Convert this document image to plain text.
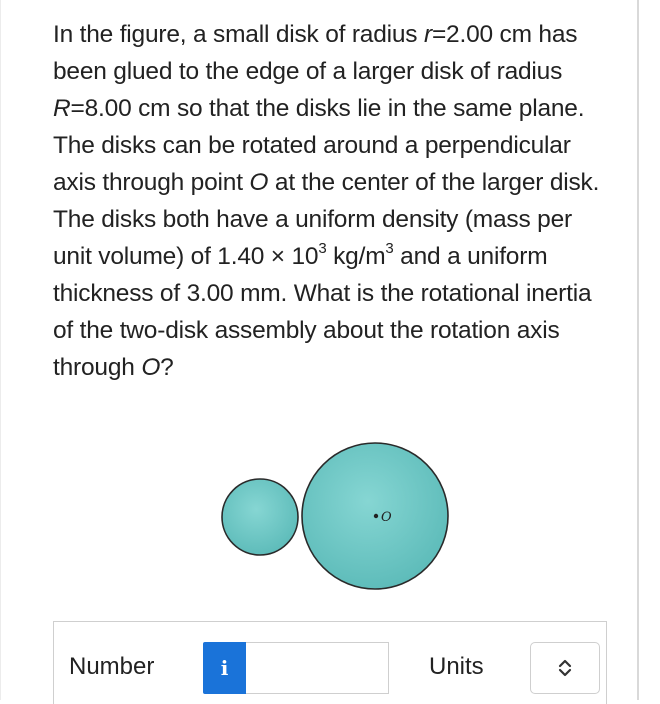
In the figure, a small disk of radius r=2.00 cm has been glued to the edge of a larger disk of radius R=8.00 cm so that the disks lie in the same plane. The disks can be rotated around a perpendicular axis through point O at the center of the larger disk. The disks both have a uniform density (mass per unit volume) of $1.40 \times 10^3$ $kg/m^3$ and a uniform thickness of 3.00 mm. What is the rotational inertia of the two-disk assembly about the rotation axis through O?
O
Number	i	Units
